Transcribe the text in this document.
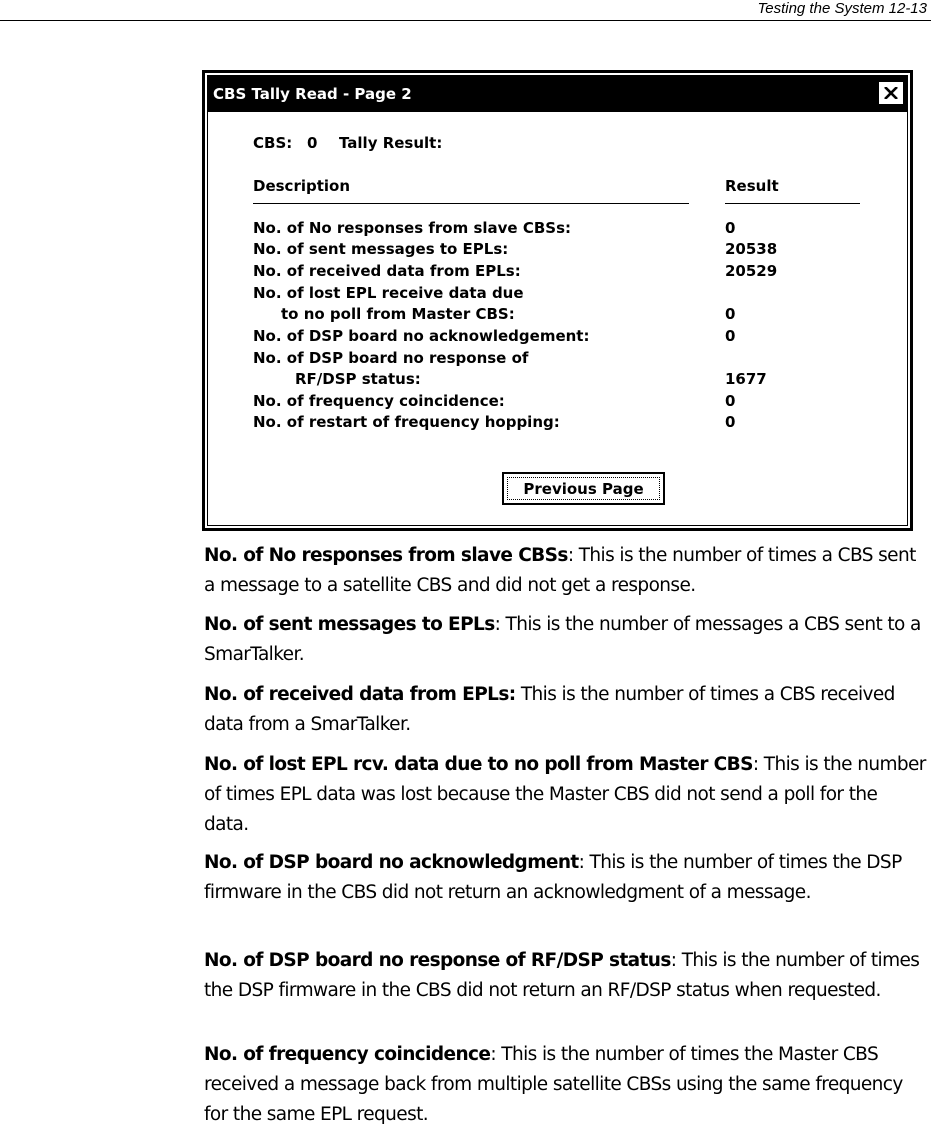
Testing the System 12-13
CBS Tally Read - Page 2
CBS: 0 Tally Result:
Description	Result
No. of No responses from slave CBSs:	0
No. of sent messages to EPLs:	20538
No. of received data from EPLs:	20529
No. of lost EPL receive data due
to no poll from Master CBS:	0
No. of DSP board no acknowledgement:	0
No. of DSP board no response of
RF/DSP status:	1677
No. of frequency coincidence:	0
No. of restart of frequency hopping:	0
Previous Page

No. of No responses from slave CBSs: This is the number of times a CBS sent a message to a satellite CBS and did not get a response.

No. of sent messages to EPLs: This is the number of messages a CBS sent to a SmarTalker.

No. of received data from EPLs: This is the number of times a CBS received data from a SmarTalker.

No. of lost EPL rcv. data due to no poll from Master CBS: This is the number of times EPL data was lost because the Master CBS did not send a poll for the data.

No. of DSP board no acknowledgment: This is the number of times the DSP firmware in the CBS did not return an acknowledgment of a message.

No. of DSP board no response of RF/DSP status: This is the number of times the DSP firmware in the CBS did not return an RF/DSP status when requested.

No. of frequency coincidence: This is the number of times the Master CBS received a message back from multiple satellite CBSs using the same frequency for the same EPL request.
